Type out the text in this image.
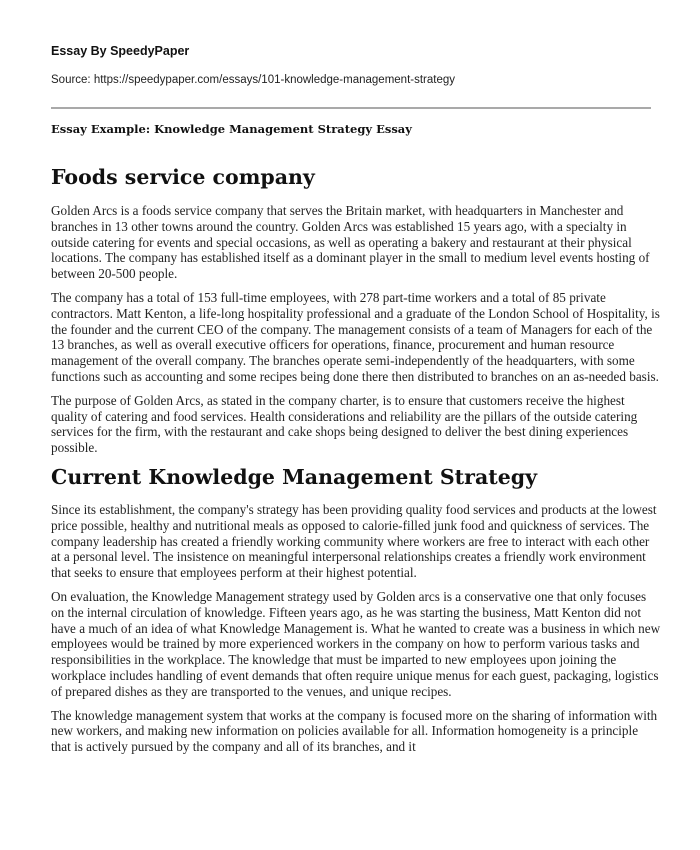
Essay By SpeedyPaper

Source: https://speedypaper.com/essays/101-knowledge-management-strategy

Essay Example: Knowledge Management Strategy Essay

Foods service company

Golden Arcs is a foods service company that serves the Britain market, with headquarters in Manchester and branches in 13 other towns around the country. Golden Arcs was established 15 years ago, with a specialty in outside catering for events and special occasions, as well as operating a bakery and restaurant at their physical locations. The company has established itself as a dominant player in the small to medium level events hosting of between 20-500 people.

The company has a total of 153 full-time employees, with 278 part-time workers and a total of 85 private contractors. Matt Kenton, a life-long hospitality professional and a graduate of the London School of Hospitality, is the founder and the current CEO of the company. The management consists of a team of Managers for each of the 13 branches, as well as overall executive officers for operations, finance, procurement and human resource management of the overall company. The branches operate semi-independently of the headquarters, with some functions such as accounting and some recipes being done there then distributed to branches on an as-needed basis.

The purpose of Golden Arcs, as stated in the company charter, is to ensure that customers receive the highest quality of catering and food services. Health considerations and reliability are the pillars of the outside catering services for the firm, with the restaurant and cake shops being designed to deliver the best dining experiences possible.

Current Knowledge Management Strategy

Since its establishment, the company's strategy has been providing quality food services and products at the lowest price possible, healthy and nutritional meals as opposed to calorie-filled junk food and quickness of services. The company leadership has created a friendly working community where workers are free to interact with each other at a personal level. The insistence on meaningful interpersonal relationships creates a friendly work environment that seeks to ensure that employees perform at their highest potential.

On evaluation, the Knowledge Management strategy used by Golden arcs is a conservative one that only focuses on the internal circulation of knowledge. Fifteen years ago, as he was starting the business, Matt Kenton did not have a much of an idea of what Knowledge Management is. What he wanted to create was a business in which new employees would be trained by more experienced workers in the company on how to perform various tasks and responsibilities in the workplace. The knowledge that must be imparted to new employees upon joining the workplace includes handling of event demands that often require unique menus for each guest, packaging, logistics of prepared dishes as they are transported to the venues, and unique recipes.

The knowledge management system that works at the company is focused more on the sharing of information with new workers, and making new information on policies available for all. Information homogeneity is a principle that is actively pursued by the company and all of its branches, and it
